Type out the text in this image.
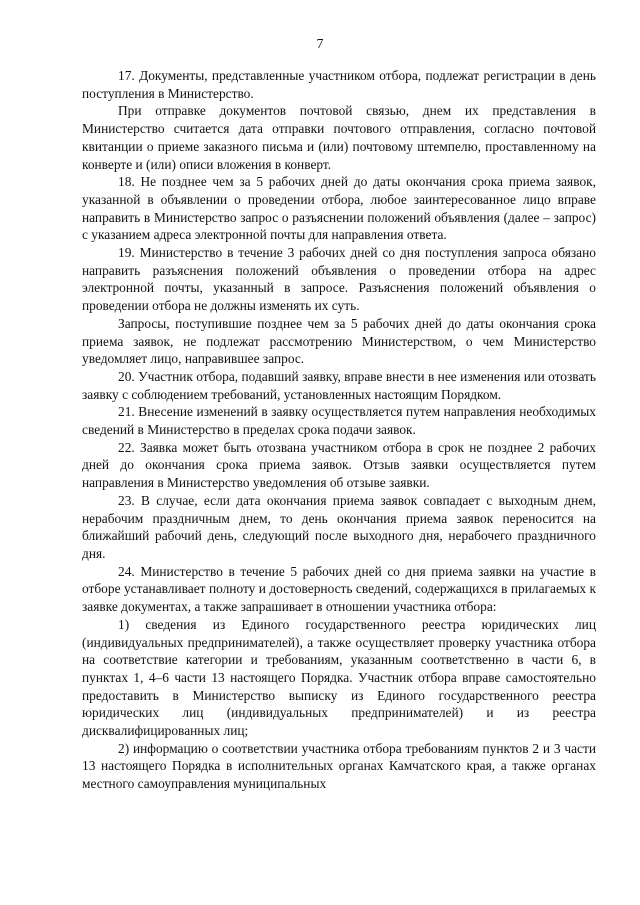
7

17. Документы, представленные участником отбора, подлежат регистрации в день поступления в Министерство.

При отправке документов почтовой связью, днем их представления в Министерство считается дата отправки почтового отправления, согласно почтовой квитанции о приеме заказного письма и (или) почтовому штемпелю, проставленному на конверте и (или) описи вложения в конверт.

18. Не позднее чем за 5 рабочих дней до даты окончания срока приема заявок, указанной в объявлении о проведении отбора, любое заинтересованное лицо вправе направить в Министерство запрос о разъяснении положений объявления (далее – запрос) с указанием адреса электронной почты для направления ответа.

19. Министерство в течение 3 рабочих дней со дня поступления запроса обязано направить разъяснения положений объявления о проведении отбора на адрес электронной почты, указанный в запросе. Разъяснения положений объявления о проведении отбора не должны изменять их суть.

Запросы, поступившие позднее чем за 5 рабочих дней до даты окончания срока приема заявок, не подлежат рассмотрению Министерством, о чем Министерство уведомляет лицо, направившее запрос.

20. Участник отбора, подавший заявку, вправе внести в нее изменения или отозвать заявку с соблюдением требований, установленных настоящим Порядком.

21. Внесение изменений в заявку осуществляется путем направления необходимых сведений в Министерство в пределах срока подачи заявок.

22. Заявка может быть отозвана участником отбора в срок не позднее 2 рабочих дней до окончания срока приема заявок. Отзыв заявки осуществляется путем направления в Министерство уведомления об отзыве заявки.

23. В случае, если дата окончания приема заявок совпадает с выходным днем, нерабочим праздничным днем, то день окончания приема заявок переносится на ближайший рабочий день, следующий после выходного дня, нерабочего праздничного дня.

24. Министерство в течение 5 рабочих дней со дня приема заявки на участие в отборе устанавливает полноту и достоверность сведений, содержащихся в прилагаемых к заявке документах, а также запрашивает в отношении участника отбора:

1) сведения из Единого государственного реестра юридических лиц (индивидуальных предпринимателей), а также осуществляет проверку участника отбора на соответствие категории и требованиям, указанным соответственно в части 6, в пунктах 1, 4–6 части 13 настоящего Порядка. Участник отбора вправе самостоятельно предоставить в Министерство выписку из Единого государственного реестра юридических лиц (индивидуальных предпринимателей) и из реестра дисквалифицированных лиц;

2) информацию о соответствии участника отбора требованиям пунктов 2 и 3 части 13 настоящего Порядка в исполнительных органах Камчатского края, а также органах местного самоуправления муниципальных
